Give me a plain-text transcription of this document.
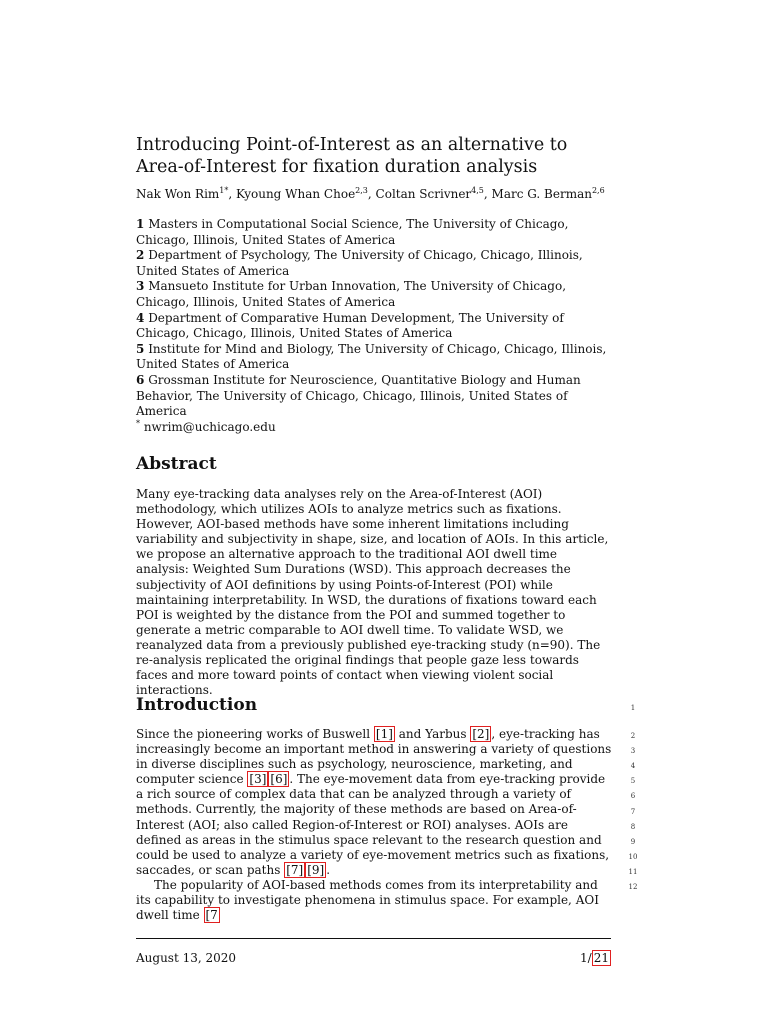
Introducing Point-of-Interest as an alternative to
Area-of-Interest for fixation duration analysis
Nak Won Rim$^{1*}$, Kyoung Whan Choe$^{2,3}$, Coltan Scrivner$^{4,5}$, Marc G. Berman$^{2,6}$

1 Masters in Computational Social Science, The University of Chicago, Chicago, Illinois, United States of America

2 Department of Psychology, The University of Chicago, Chicago, Illinois, United States of America

3 Mansueto Institute for Urban Innovation, The University of Chicago, Chicago, Illinois, United States of America

4 Department of Comparative Human Development, The University of Chicago, Chicago, Illinois, United States of America

5 Institute for Mind and Biology, The University of Chicago, Chicago, Illinois, United States of America

6 Grossman Institute for Neuroscience, Quantitative Biology and Human Behavior, The University of Chicago, Chicago, Illinois, United States of America

* nwrim@uchicago.edu
Abstract

Many eye-tracking data analyses rely on the Area-of-Interest (AOI) methodology, which utilizes AOIs to analyze metrics such as fixations. However, AOI-based methods have some inherent limitations including variability and subjectivity in shape, size, and location of AOIs. In this article, we propose an alternative approach to the traditional AOI dwell time analysis: Weighted Sum Durations (WSD). This approach decreases the subjectivity of AOI definitions by using Points-of-Interest (POI) while maintaining interpretability. In WSD, the durations of fixations toward each POI is weighted by the distance from the POI and summed together to generate a metric comparable to AOI dwell time. To validate WSD, we reanalyzed data from a previously published eye-tracking study (n=90). The re-analysis replicated the original findings that people gaze less towards faces and more toward points of contact when viewing violent social interactions.

Introduction

Since the pioneering works of Buswell [1] and Yarbus [2] , eye-tracking has increasingly become an important method in answering a variety of questions in diverse disciplines such as psychology, neuroscience, marketing, and computer science [3] [6] . The eye-movement data from eye-tracking provide a rich source of complex data that can be analyzed through a variety of methods. Currently, the majority of these methods are based on Area-of-Interest (AOI; also called Region-of-Interest or ROI) analyses. AOIs are defined as areas in the stimulus space relevant to the research question and could be used to analyze a variety of eye-movement metrics such as fixations, saccades, or scan paths [7] [9] .

The popularity of AOI-based methods comes from its interpretability and its capability to investigate phenomena in stimulus space. For example, AOI dwell time [7

1
2
3
4
5
6
7
8
9
10
11
12
August 13, 2020	1/ 21
